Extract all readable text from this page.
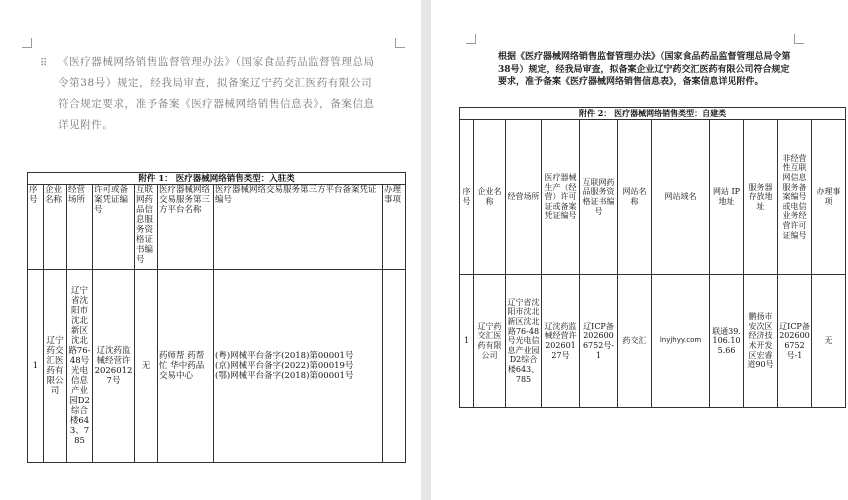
⠿ 《医疗器械网络销售监督管理办法》（国家食品药品监督管理总局令第38号）规定，经我局审查，拟备案辽宁药交汇医药有限公司符合规定要求，准予备案《医疗器械网络销售信息表》，备案信息详见附件。
附件 1： 医疗器械网络销售类型：入驻类							
序号	企业名称	经营场所	许可或备案凭证编号	互联网药品信息服务资格证书编号	医疗器械网络交易服务第三方平台名称	医疗器械网络交易服务第三方平台备案凭证编号	办理事项
1	辽宁药交汇医药有限公司	辽宁省沈阳市沈北新区沈北路76-48号光电信息产业园D2综合楼643、785	辽沈药监械经营许20260127号	无	药师帮 药帮忙 华中药品交易中心	(粤)网械平台备字(2018)第00001号
(京)网械平台备字(2022)第00019号
(鄂)网械平台备字(2018)第00001号	

根据《医疗器械网络销售监督管理办法》（国家食品药品监督管理总局令第38号）规定，经我局审查，拟备案企业辽宁药交汇医药有限公司符合规定要求，准予备案《医疗器械网络销售信息表》，备案信息详见附件。
附件 2： 医疗器械网络销售类型：自建类										
序号	企业名称	经营场所	医疗器械生产（经营）许可证或备案凭证编号	互联网药品服务资格证书编号	网站名称	网站域名	网站 IP 地址	服务器存放地址	非经营性互联网信息服务备案编号或电信业务经营许可证编号	办理事项
1	辽宁药交汇医药有限公司	辽宁省沈阳市沈北新区沈北路76-48号光电信息产业园D2综合楼643、785	辽沈药监械经营许20260127号	辽ICP备2026006752号-1	药交汇	lnyjhyy.com	联通39.106.105.66	鹏扬市安次区经济技术开发区宏睿道90号	辽ICP备2026006752号-1	无
